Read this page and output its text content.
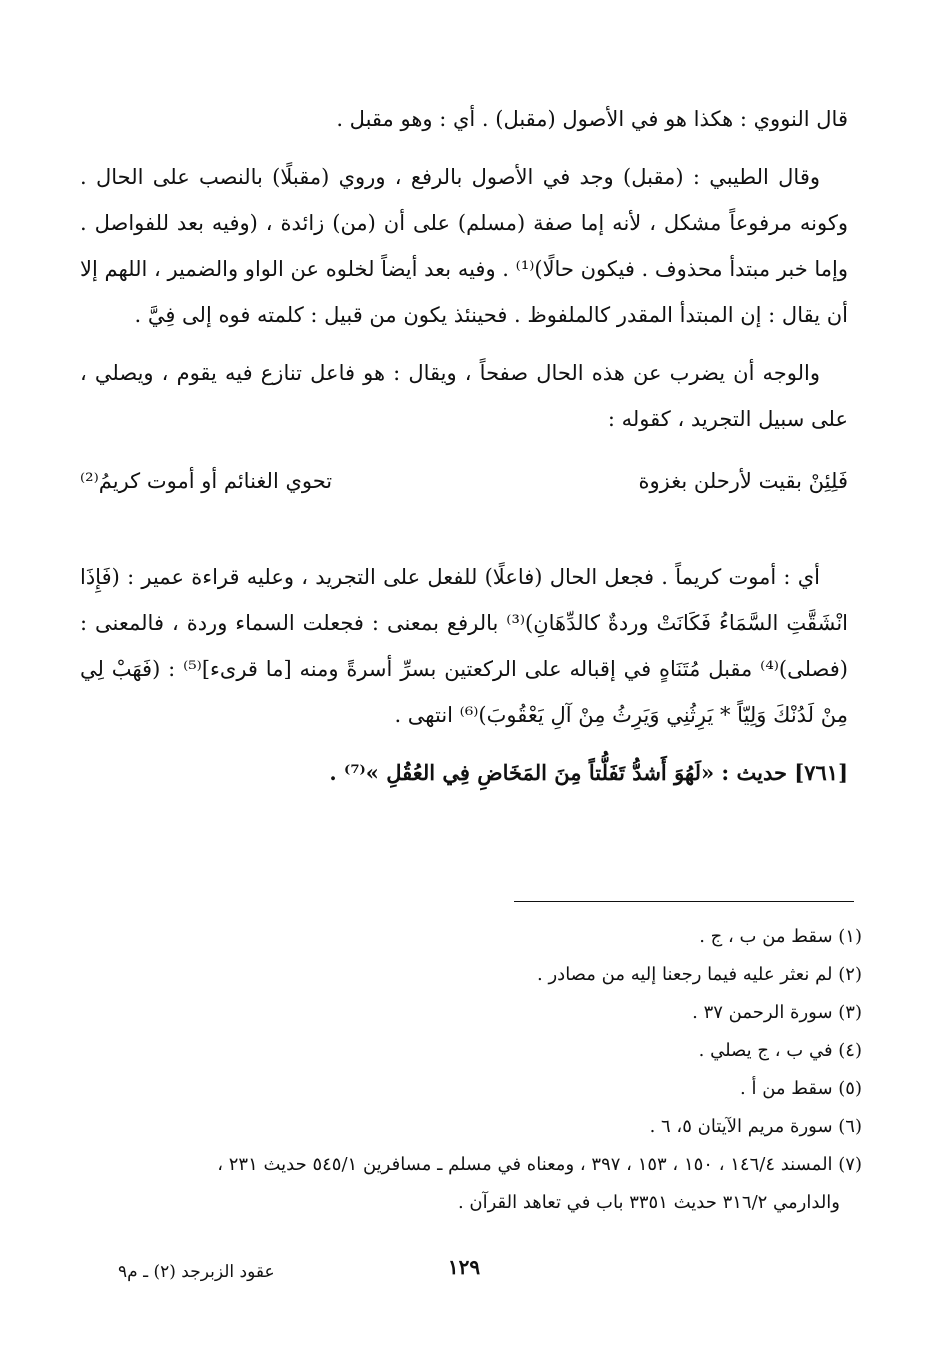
قال النووي : هكذا هو في الأصول (مقبل) . أي : وهو مقبل .

وقال الطيبي : (مقبل) وجد في الأصول بالرفع ، وروي (مقبلًا) بالنصب على الحال . وكونه مرفوعاً مشكل ، لأنه إما صفة (مسلم) على أن (من) زائدة ، (وفيه بعد للفواصل . وإما خبر مبتدأ محذوف . فيكون حالًا)⁽¹⁾ . وفيه بعد أيضاً لخلوه عن الواو والضمير ، اللهم إلا أن يقال : إن المبتدأ المقدر كالملفوظ . فحينئذ يكون من قبيل : كلمته فوه إلى فِيَّ .

والوجه أن يضرب عن هذه الحال صفحاً ، ويقال : هو فاعل تنازع فيه يقوم ، ويصلي ، على سبيل التجريد ، كقوله :

فَلِئِنْ بقيت لأرحلن بغزوة
تحوي الغنائم أو أموت كريمُ⁽²⁾

أي : أموت كريماً . فجعل الحال (فاعلًا) للفعل على التجريد ، وعليه قراءة عمير : (فَإِذَا انْشَقَّتِ السَّمَاءُ فَكَانَتْ وردةٌ كالدِّهَانِ)⁽³⁾ بالرفع بمعنى : فجعلت السماء وردة ، فالمعنى : (فصلى)⁽⁴⁾ مقبل مُتَنَاهٍ في إقباله على الركعتين بسرِّ أسرةً ومنه [ما قرىء]⁽⁵⁾ : (فَهَبْ لِي مِنْ لَدُنْكَ وَلِيّاً * يَرِثُنِي وَيَرِثُ مِنْ آلِ يَعْقُوبَ)⁽⁶⁾ انتهى .

[٧٦١] حديث : «لَهُوَ أَشدُّ تَفَلُّتاً مِنَ المَخَاضِ فِي العُقُلِ »⁽⁷⁾ .

(١) سقط من ب ، ج .
(٢) لم نعثر عليه فيما رجعنا إليه من مصادر .
(٣) سورة الرحمن ٣٧ .
(٤) في ب ، ج يصلي .
(٥) سقط من أ .
(٦) سورة مريم الآيتان ٥، ٦ .
(٧) المسند ١٤٦/٤ ، ١٥٠ ، ١٥٣ ، ٣٩٧ ، ومعناه في مسلم ـ مسافرين ٥٤٥/١ حديث ٢٣١ ،
والدارمي ٣١٦/٢ حديث ٣٣٥١ باب في تعاهد القرآن .
١٢٩
عقود الزبرجد (٢) ـ م٩
